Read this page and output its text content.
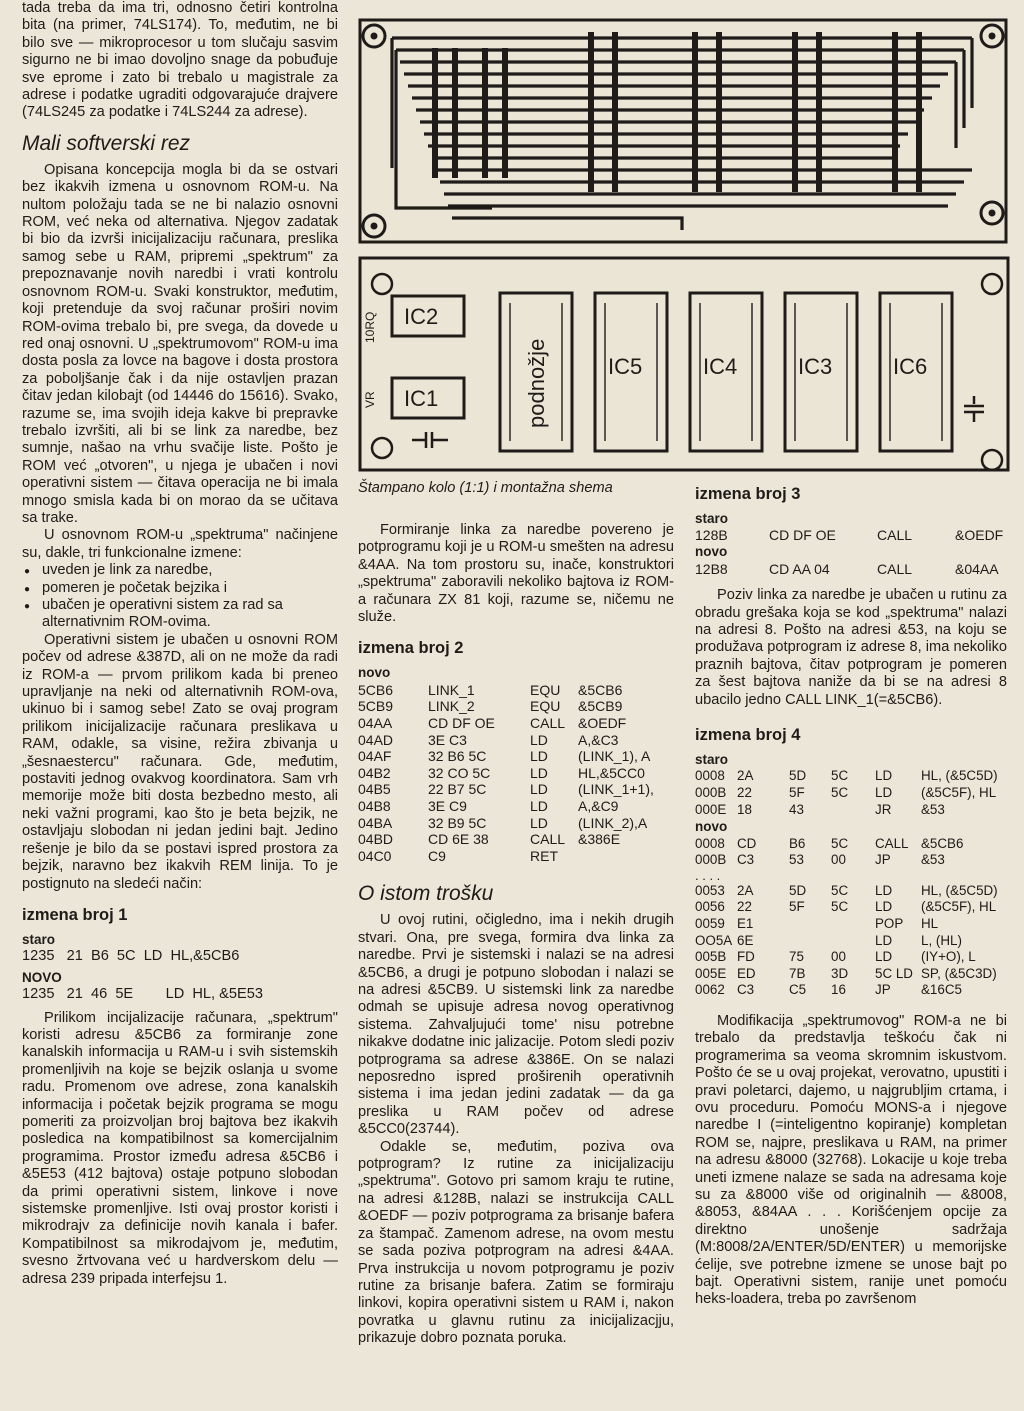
tada treba da ima tri, odnosno četiri kontrolna bita (na primer, 74LS174). To, međutim, ne bi bilo sve — mikroprocesor u tom slučaju sasvim sigurno ne bi imao dovoljno snage da pobuđuje sve eprome i zato bi trebalo u magistrale za adrese i podatke ugraditi odgovarajuće drajvere (74LS245 za podatke i 74LS244 za adrese).

Mali softverski rez

Opisana koncepcija mogla bi da se ostvari bez ikakvih izmena u osnovnom ROM-u. Na nultom položaju tada se ne bi nalazio osnovni ROM, već neka od alternativa. Njegov zadatak bi bio da izvrši inicijalizaciju računara, preslika samog sebe u RAM, pripremi „spektrum" za prepoznavanje novih naredbi i vrati kontrolu osnovnom ROM-u. Svaki konstruktor, međutim, koji pretenduje da svoj računar proširi novim ROM-ovima trebalo bi, pre svega, da dovede u red onaj osnovni. U „spektrumovom" ROM-u ima dosta posla za lovce na bagove i dosta prostora za poboljšanje čak i da nije ostavljen prazan čitav jedan kilobajt (od 14446 do 15616). Svako, razume se, ima svojih ideja kakve bi prepravke trebalo izvršiti, ali bi se link za naredbe, bez sumnje, našao na vrhu svačije liste. Pošto je ROM već „otvoren", u njega je ubačen i novi operativni sistem — čitava operacija ne bi imala mnogo smisla kada bi on morao da se učitava sa trake.

U osnovnom ROM-u „spektruma" načinjene su, dakle, tri funkcionalne izmene:

● uveden je link za naredbe,
● pomeren je početak bejzika i
● ubačen je operativni sistem za rad sa alternativnim ROM-ovima.

Operativni sistem je ubačen u osnovni ROM počev od adrese &387D, ali on ne može da radi iz ROM-a — prvom prilikom kada bi preneo upravljanje na neki od alternativnih ROM-ova, ukinuo bi i samog sebe! Zato se ovaj program prilikom inicijalizacije računara preslikava u RAM, odakle, sa visine, režira zbivanja u „šesnaestercu" računara. Gde, međutim, postaviti jednog ovakvog koordinatora. Sam vrh memorije može biti dosta bezbedno mesto, ali neki važni programi, kao što je beta bejzik, ne ostavljaju slobodan ni jedan jedini bajt. Jedino rešenje je bilo da se postavi ispred prostora za bejzik, naravno bez ikakvih REM linija. To je postignuto na sledeći način:

izmena broj 1
staro
1235   21  B6  5C  LD  HL,&5CB6
NOVO
1235   21  46  5E        LD  HL, &5E53

Prilikom incijalizacije računara, „spektrum" koristi adresu &5CB6 za formiranje zone kanalskih informacija u RAM-u i svih sistemskih promenljivih na koje se bejzik oslanja u svome radu. Promenom ove adrese, zona kanalskih informacija i početak bejzik programa se mogu pomeriti za proizvoljan broj bajtova bez ikakvih posledica na kompatibilnost sa komercijalnim programima. Prostor između adresa &5CB6 i &5E53 (412 bajtova) ostaje potpuno slobodan da primi operativni sistem, linkove i nove sistemske promenljive. Isti ovaj prostor koristi i mikrodrajv za definicije novih kanala i bafer. Kompatibilnost sa mikrodajvom je, međutim, svesno žrtvovana već u hardverskom delu — adresa 239 pripada interfejsu 1.

IC2
IC1	podnožje	IC5	IC4	IC3	IC6
VR
10RQ
Štampano kolo (1:1) i montažna shema

Formiranje linka za naredbe povereno je potprogramu koji je u ROM-u smešten na adresu &4AA. Na tom prostoru su, inače, konstruktori „spektruma" zaboravili nekoliko bajtova iz ROM-a računara ZX 81 koji, razume se, ničemu ne služe.

izmena broj 2
novo
5CB6	LINK_1	EQU	&5CB6
5CB9	LINK_2	EQU	&5CB9
04AA	CD DF OE	CALL	&OEDF
04AD	3E C3	LD	A,&C3
04AF	32 B6 5C	LD	(LINK_1), A
04B2	32 CO 5C	LD	HL,&5CC0
04B5	22 B7 5C	LD	(LINK_1+1),
04B8	3E C9	LD	A,&C9
04BA	32 B9 5C	LD	(LINK_2),A
04BD	CD 6E 38	CALL	&386E
04C0	C9	RET	
O istom trošku

U ovoj rutini, očigledno, ima i nekih drugih stvari. Ona, pre svega, formira dva linka za naredbe. Prvi je sistemski i nalazi se na adresi &5CB6, a drugi je potpuno slobodan i nalazi se na adresi &5CB9. U sistemski link za naredbe odmah se upisuje adresa novog operativnog sistema. Zahvaljujući tome' nisu potrebne nikakve dodatne inic jalizacije. Potom sledi poziv potprograma sa adrese &386E. On se nalazi neposredno ispred proširenih operativnih sistema i ima jedan jedini zadatak — da ga preslika u RAM počev od adrese &5CC0(23744).

Odakle se, međutim, poziva ova potprogram? Iz rutine za inicijalizaciju „spektruma". Gotovo pri samom kraju te rutine, na adresi &128B, nalazi se instrukcija CALL &OEDF — poziv potprograma za brisanje bafera za štampač. Zamenom adrese, na ovom mestu se sada poziva potprogram na adresi &4AA. Prva instrukcija u novom potprogramu je poziv rutine za brisanje bafera. Zatim se formiraju linkovi, kopira operativni sistem u RAM i, nakon povratka u glavnu rutinu za inicijalizacjju, prikazuje dobro poznata poruka.

izmena broj 3
staro
128B	CD DF OE	CALL	&OEDF
novo			
12B8	CD AA 04	CALL	&04AA

Poziv linka za naredbe je ubačen u rutinu za obradu grešaka koja se kod „spektruma" nalazi na adresi 8. Pošto na adresi &53, na koju se produžava potprogram iz adrese 8, ima nekoliko praznih bajtova, čitav potprogram je pomeren za šest bajtova naniže da bi se na adresi 8 ubacilo jedno CALL LINK_1(=&5CB6).

izmena broj 4
staro
0008	2A	5D	5C	LD	HL, (&5C5D)
000B	22	5F	5C	LD	(&5C5F), HL
000E	18	43		JR	&53
novo
0008	CD	B6	5C	CALL	&5CB6
000B	C3	53	00	JP	&53
. . . .
0053	2A	5D	5C	LD	HL, (&5C5D)
0056	22	5F	5C	LD	(&5C5F), HL
0059	E1			POP	HL
OO5A	6E			LD	L, (HL)
005B	FD	75	00	LD	(IY+O), L
005E	ED	7B	3D	5C LD	SP, (&5C3D)
0062	C3	C5	16	JP	&16C5

Modifikacija „spektrumovog" ROM-a ne bi trebalo da predstavlja teškoću čak ni programerima sa veoma skromnim iskustvom. Pošto će se u ovaj projekat, verovatno, upustiti i pravi poletarci, dajemo, u najgrubljim crtama, i ovu proceduru. Pomoću MONS-a i njegove naredbe I (=inteligentno kopiranje) kompletan ROM se, najpre, preslikava u RAM, na primer na adresu &8000 (32768). Lokacije u koje treba uneti izmene nalaze se sada na adresama koje su za &8000 više od originalnih — &8008, &8053, &84AA . . . Korišćenjem opcije za direktno unošenje sadržaja (M:8008/2A/ENTER/5D/ENTER) u memorijske ćelije, sve potrebne izmene se unose bajt po bajt. Operativni sistem, ranije unet pomoću heks-loadera, treba po završenom
